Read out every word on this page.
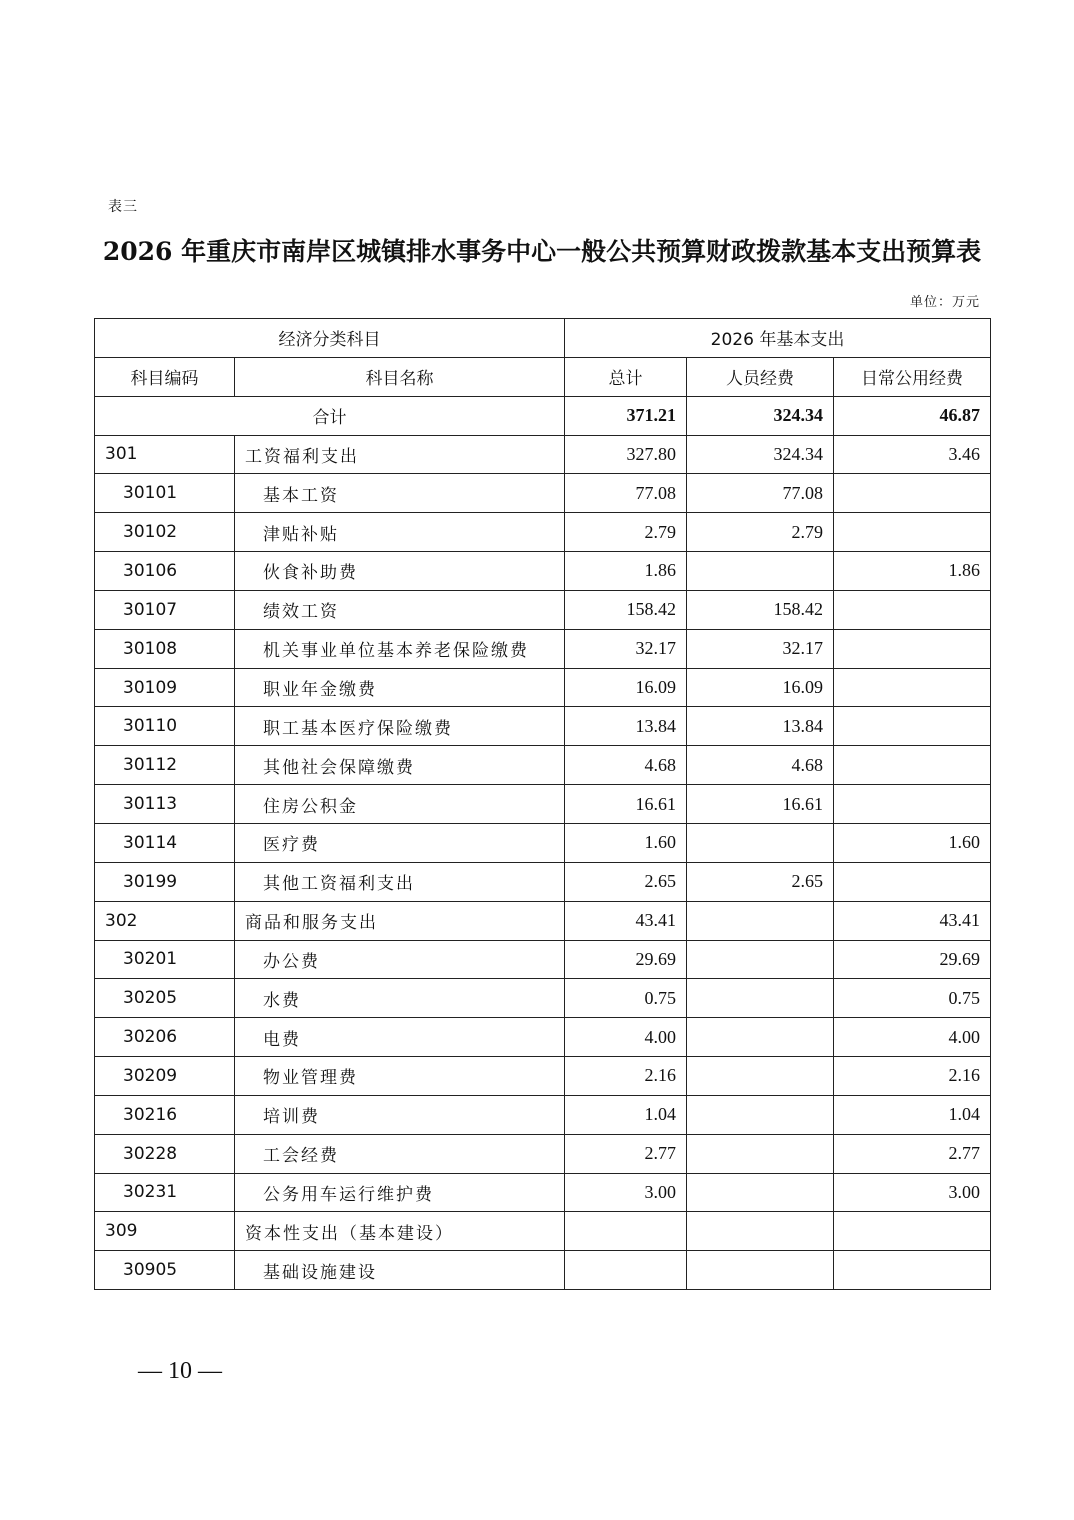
表三
2026 年重庆市南岸区城镇排水事务中心一般公共预算财政拨款基本支出预算表
单位：万元
经济分类科目		2026 年基本支出		
科目编码	科目名称	总计	人员经费	日常公用经费
合计		371.21	324.34	46.87
301	工资福利支出	327.80	324.34	3.46
30101	基本工资	77.08	77.08	
30102	津贴补贴	2.79	2.79	
30106	伙食补助费	1.86		1.86
30107	绩效工资	158.42	158.42	
30108	机关事业单位基本养老保险缴费	32.17	32.17	
30109	职业年金缴费	16.09	16.09	
30110	职工基本医疗保险缴费	13.84	13.84	
30112	其他社会保障缴费	4.68	4.68	
30113	住房公积金	16.61	16.61	
30114	医疗费	1.60		1.60
30199	其他工资福利支出	2.65	2.65	
302	商品和服务支出	43.41		43.41
30201	办公费	29.69		29.69
30205	水费	0.75		0.75
30206	电费	4.00		4.00
30209	物业管理费	2.16		2.16
30216	培训费	1.04		1.04
30228	工会经费	2.77		2.77
30231	公务用车运行维护费	3.00		3.00
309	资本性支出（基本建设）			
30905	基础设施建设			
— 10 —
